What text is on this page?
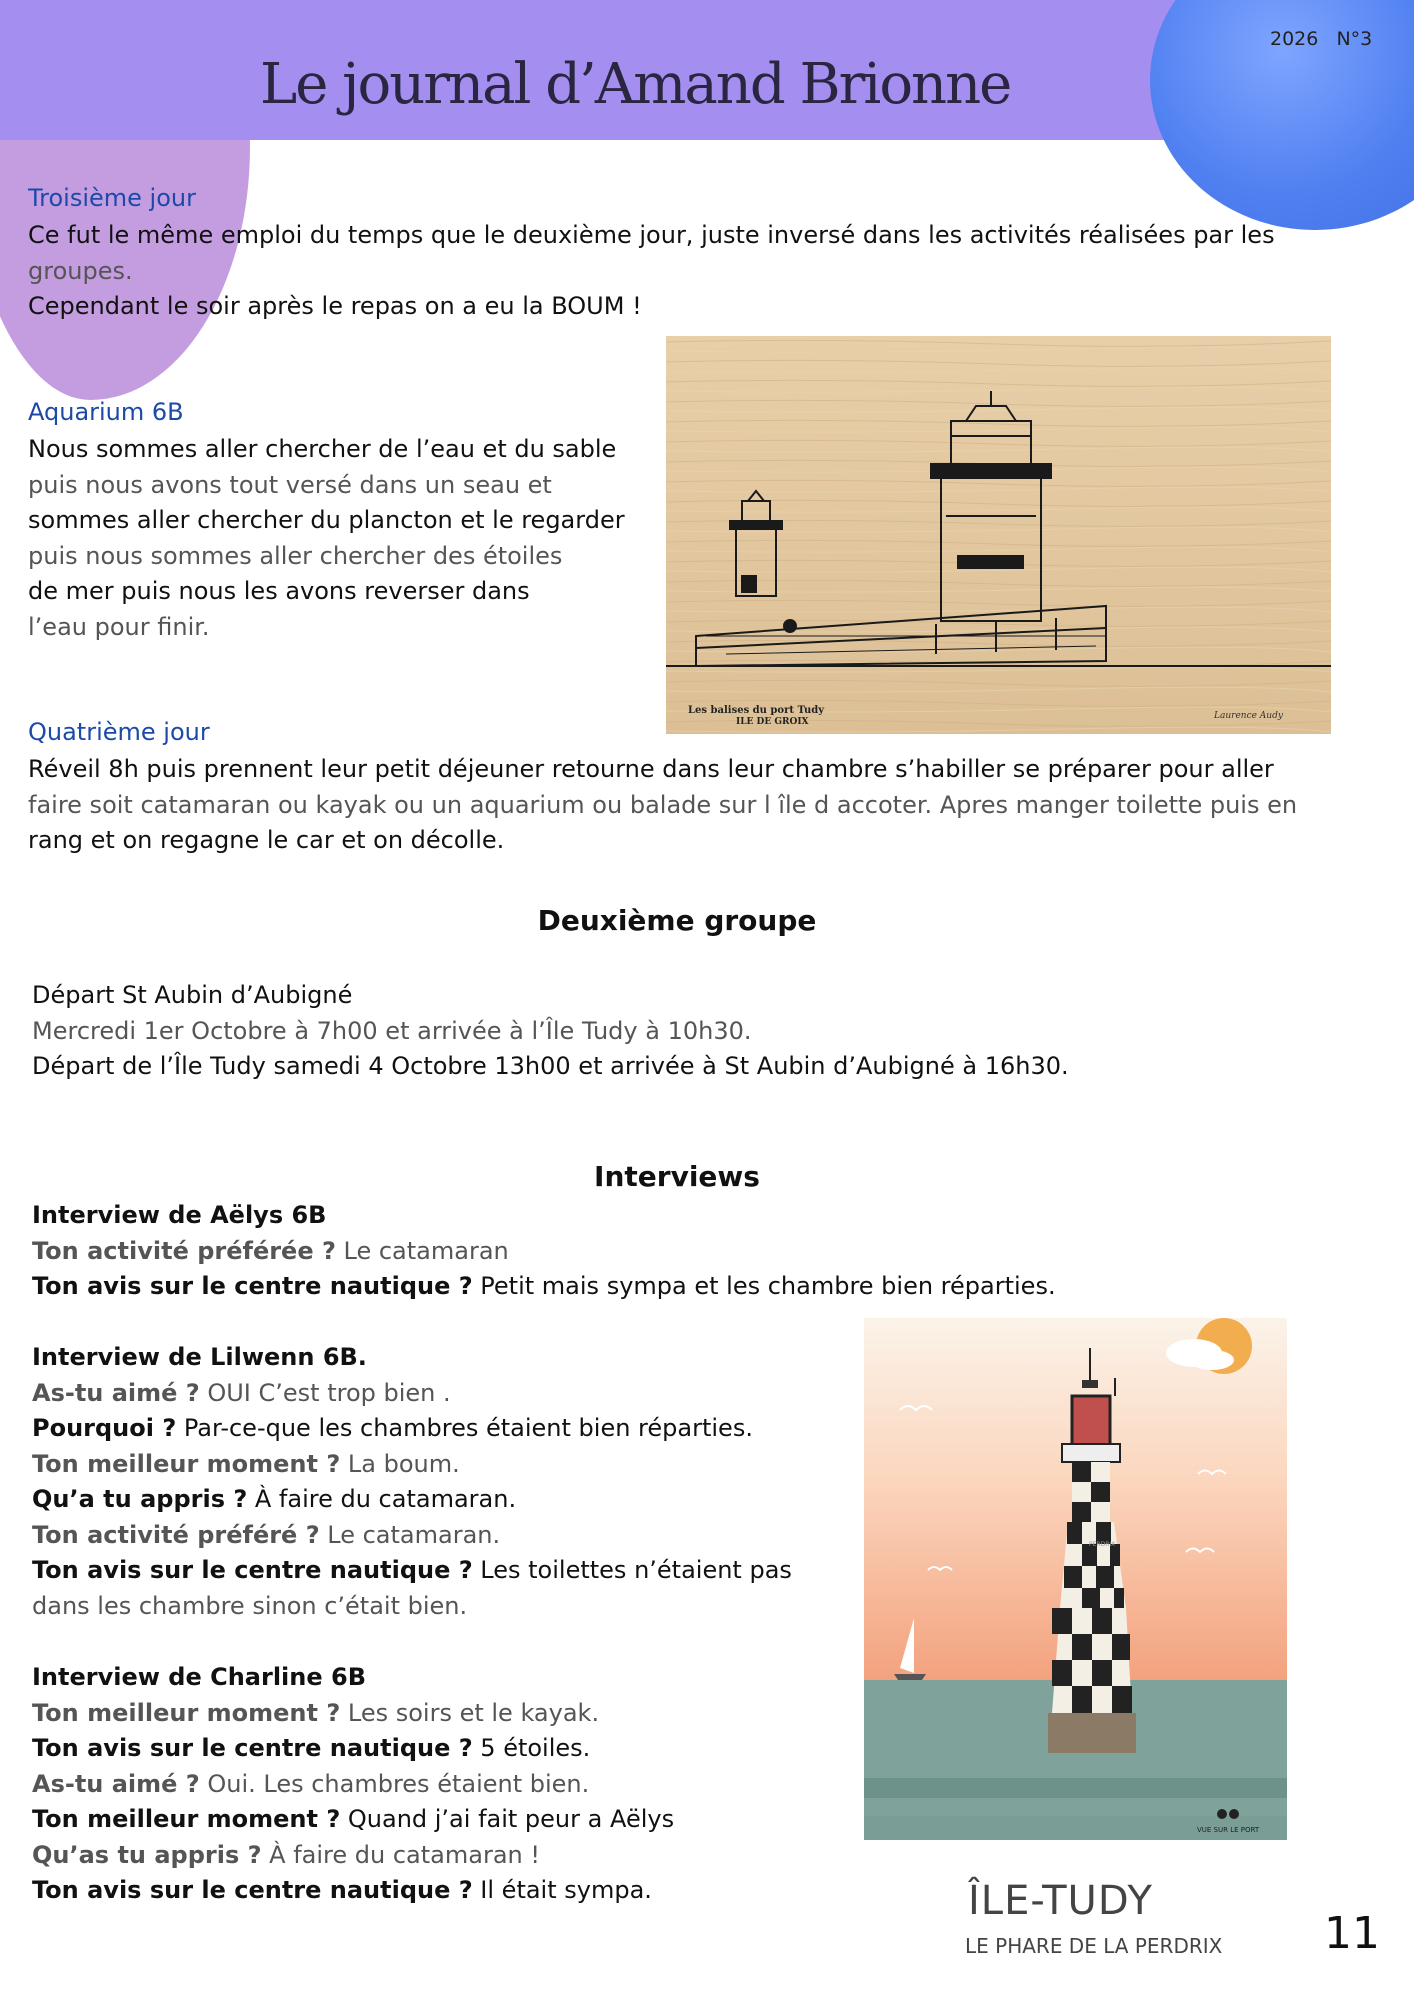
Le journal d’Amand Brionne
2026   N°3
Troisième jour
Ce fut le même emploi du temps que le deuxième jour, juste inversé dans les activités réalisées par les
groupes.
Cependant le soir après le repas on a eu la BOUM !
Aquarium 6B
Nous sommes aller chercher de l’eau et du sable
puis nous avons tout versé dans un seau et
sommes aller chercher du plancton et le regarder
puis nous sommes aller chercher des étoiles
de mer puis nous les avons reverser dans
l’eau pour finir.
Les balises du port Tudy
ILE DE GROIX
Laurence Audy
Quatrième jour
Réveil 8h puis prennent leur petit déjeuner retourne dans leur chambre s’habiller se préparer pour aller
faire soit catamaran ou kayak ou un aquarium ou balade sur l île d accoter. Apres manger toilette puis en
rang et on regagne le car et on décolle.
Deuxième groupe
Départ St Aubin d’Aubigné
Mercredi 1er Octobre à 7h00 et arrivée à l’Île Tudy à 10h30.
Départ de l’Île Tudy samedi 4 Octobre 13h00 et arrivée à St Aubin d’Aubigné à 16h30.
Interviews
Interview de Aëlys 6B
Ton activité préférée ? Le catamaran
Ton avis sur le centre nautique ? Petit mais sympa et les chambre bien réparties.
Interview de Lilwenn 6B.
As-tu aimé ? OUI C’est trop bien .
Pourquoi ? Par-ce-que les chambres étaient bien réparties.
Ton meilleur moment ? La boum.
Qu’a tu appris ? À faire du catamaran.
Ton activité préféré ? Le catamaran.
Ton avis sur le centre nautique ? Les toilettes n’étaient pas
dans les chambre sinon c’était bien.
Interview de Charline 6B
Ton meilleur moment ? Les soirs et le kayak.
Ton avis sur le centre nautique ? 5 étoiles.
As-tu aimé ? Oui. Les chambres étaient bien.
Ton meilleur moment ? Quand j’ai fait peur a Aëlys
Qu’as tu appris ? À faire du catamaran !
Ton avis sur le centre nautique ? Il était sympa.
PERDRIX
VUE SUR LE PORT
ÎLE-TUDY
LE PHARE DE LA PERDRIX 11
